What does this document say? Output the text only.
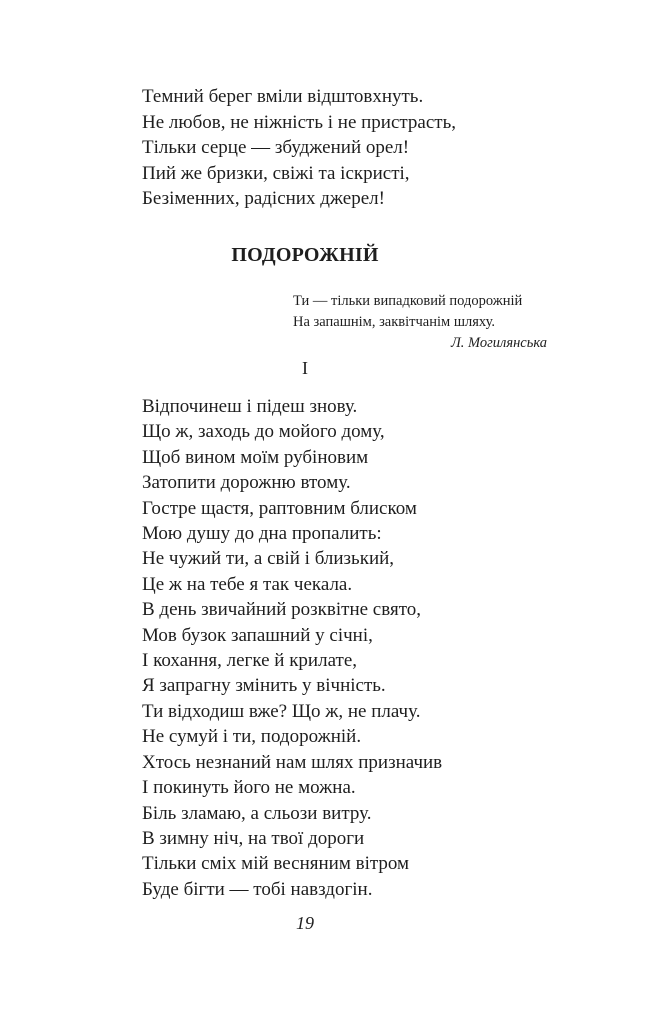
Темний берег вміли відштовхнуть.
Не любов, не ніжність і не пристрасть,
Тільки серце — збуджений орел!
Пий же бризки, свіжі та іскристі,
Безіменних, радісних джерел!
ПОДОРОЖНІЙ
Ти — тільки випадковий подорожній
На запашнім, заквітчанім шляху.
Л. Могилянська
I
Відпочинеш і підеш знову.
Що ж, заходь до мойого дому,
Щоб вином моїм рубіновим
Затопити дорожню втому.
Гостре щастя, раптовним блиском
Мою душу до дна пропалить:
Не чужий ти, а свій і близький,
Це ж на тебе я так чекала.
В день звичайний розквітне свято,
Мов бузок запашний у січні,
І кохання, легке й крилате,
Я запрагну змінить у вічність.
Ти відходиш вже? Що ж, не плачу.
Не сумуй і ти, подорожній.
Хтось незнаний нам шлях призначив
І покинуть його не можна.
Біль зламаю, а сльози витру.
В зимну ніч, на твої дороги
Тільки сміх мій весняним вітром
Буде бігти — тобі навздогін.
19
